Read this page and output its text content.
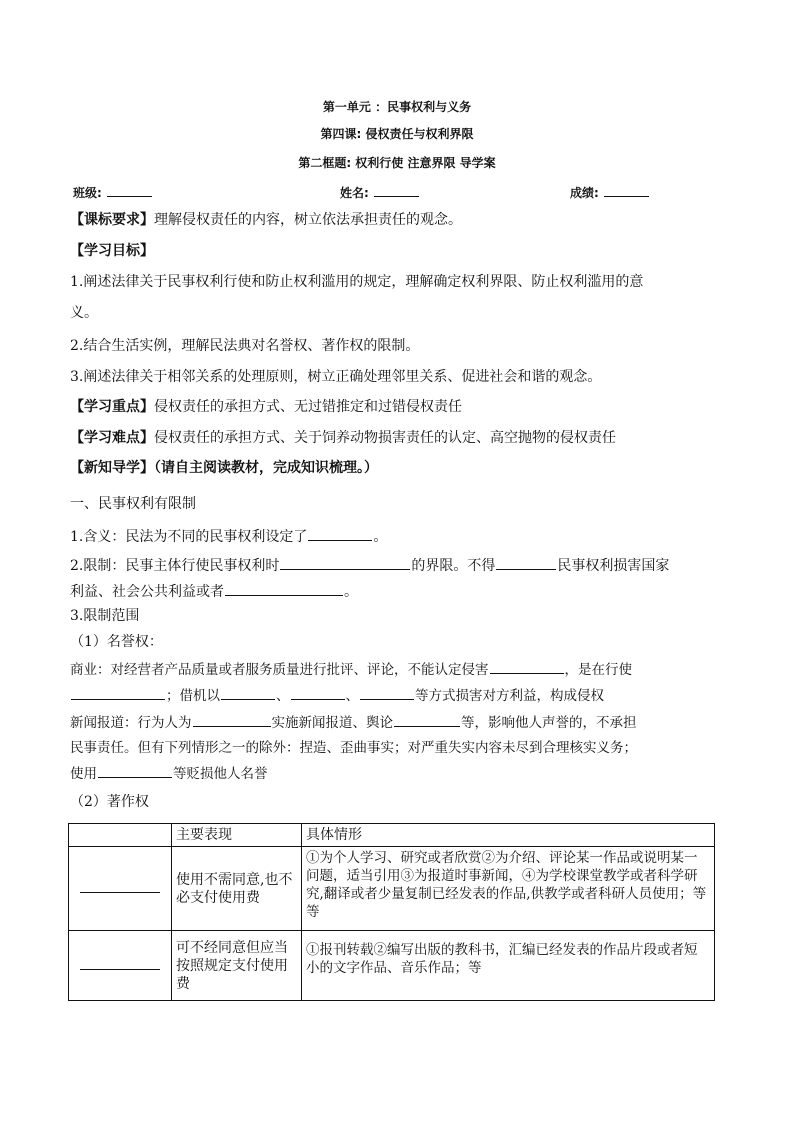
第一单元 ：民事权利与义务
第四课: 侵权责任与权利界限
第二框题: 权利行使 注意界限 导学案
班级:	姓名:	成绩:
【课标要求】理解侵权责任的内容，树立依法承担责任的观念。
【学习目标】
1.阐述法律关于民事权利行使和防止权利滥用的规定，理解确定权利界限、防止权利滥用的意
义。
2.结合生活实例，理解民法典对名誉权、著作权的限制。
3.阐述法律关于相邻关系的处理原则，树立正确处理邻里关系、促进社会和谐的观念。
【学习重点】侵权责任的承担方式、无过错推定和过错侵权责任
【学习难点】侵权责任的承担方式、关于饲养动物损害责任的认定、高空抛物的侵权责任
【新知导学】（请自主阅读教材，完成知识梳理。）
一、民事权利有限制
1.含义：民法为不同的民事权利设定了	。
2.限制：民事主体行使民事权利时	的界限。不得	民事权利损害国家
利益、社会公共利益或者	。
3.限制范围
（1）名誉权：
商业：对经营者产品质量或者服务质量进行批评、评论，不能认定侵害	，是在行使
；借机以	、	、	等方式损害对方利益，构成侵权
新闻报道：行为人为	实施新闻报道、舆论	等，影响他人声誉的，不承担
民事责任。但有下列情形之一的除外：捏造、歪曲事实；对严重失实内容未尽到合理核实义务；
使用	等贬损他人名誉
（2）著作权
	主要表现	具体情形
	使用不需同意,也不必支付使用费	①为个人学习、研究或者欣赏②为介绍、评论某一作品或说明某一问题，适当引用③为报道时事新闻，④为学校课堂教学或者科学研究,翻译或者少量复制已经发表的作品,供教学或者科研人员使用；等等
	可不经同意但应当按照规定支付使用费	①报刊转载②编写出版的教科书，汇编已经发表的作品片段或者短小的文字作品、音乐作品；等
